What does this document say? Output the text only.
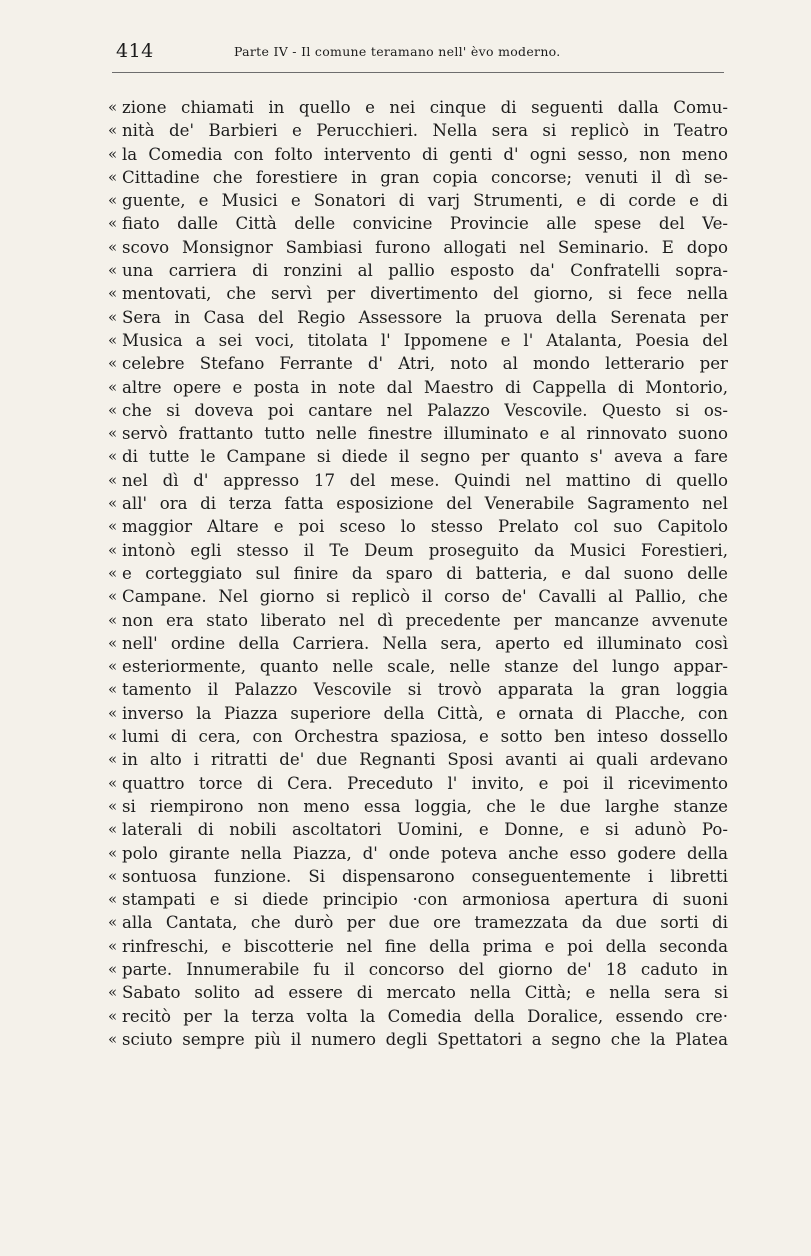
414	Parte IV - Il comune teramano nell' èvo moderno.
« zione chiamati in quello e nei cinque di seguenti dalla Comu-
« nità de' Barbieri e Perucchieri. Nella sera si replicò in Teatro
« la Comedia con folto intervento di genti d' ogni sesso, non meno
« Cittadine che forestiere in gran copia concorse; venuti il dì se-
« guente, e Musici e Sonatori di varj Strumenti, e di corde e di
« fiato dalle Città delle convicine Provincie alle spese del Ve-
« scovo Monsignor Sambiasi furono allogati nel Seminario. E dopo
« una carriera di ronzini al pallio esposto da' Confratelli sopra-
« mentovati, che servì per divertimento del giorno, si fece nella
« Sera in Casa del Regio Assessore la pruova della Serenata per
« Musica a sei voci, titolata l' Ippomene e l' Atalanta, Poesia del
« celebre Stefano Ferrante d' Atri, noto al mondo letterario per
« altre opere e posta in note dal Maestro di Cappella di Montorio,
« che si doveva poi cantare nel Palazzo Vescovile. Questo si os-
« servò frattanto tutto nelle finestre illuminato e al rinnovato suono
« di tutte le Campane si diede il segno per quanto s' aveva a fare
« nel dì d' appresso 17 del mese. Quindi nel mattino di quello
« all' ora di terza fatta esposizione del Venerabile Sagramento nel
« maggior Altare e poi sceso lo stesso Prelato col suo Capitolo
« intonò egli stesso il Te Deum proseguito da Musici Forestieri,
« e corteggiato sul finire da sparo di batteria, e dal suono delle
« Campane. Nel giorno si replicò il corso de' Cavalli al Pallio, che
« non era stato liberato nel dì precedente per mancanze avvenute
« nell' ordine della Carriera. Nella sera, aperto ed illuminato così
« esteriormente, quanto nelle scale, nelle stanze del lungo appar-
« tamento il Palazzo Vescovile si trovò apparata la gran loggia
« inverso la Piazza superiore della Città, e ornata di Placche, con
« lumi di cera, con Orchestra spaziosa, e sotto ben inteso dossello
« in alto i ritratti de' due Regnanti Sposi avanti ai quali ardevano
« quattro torce di Cera. Preceduto l' invito, e poi il ricevimento
« si riempirono non meno essa loggia, che le due larghe stanze
« laterali di nobili ascoltatori Uomini, e Donne, e si adunò Po-
« polo girante nella Piazza, d' onde poteva anche esso godere della
« sontuosa funzione. Si dispensarono conseguentemente i libretti
« stampati e si diede principio ·con armoniosa apertura di suoni
« alla Cantata, che durò per due ore tramezzata da due sorti di
« rinfreschi, e biscotterie nel fine della prima e poi della seconda
« parte. Innumerabile fu il concorso del giorno de' 18 caduto in
« Sabato solito ad essere di mercato nella Città; e nella sera si
« recitò per la terza volta la Comedia della Doralice, essendo cre·
« sciuto sempre più il numero degli Spettatori a segno che la Platea
